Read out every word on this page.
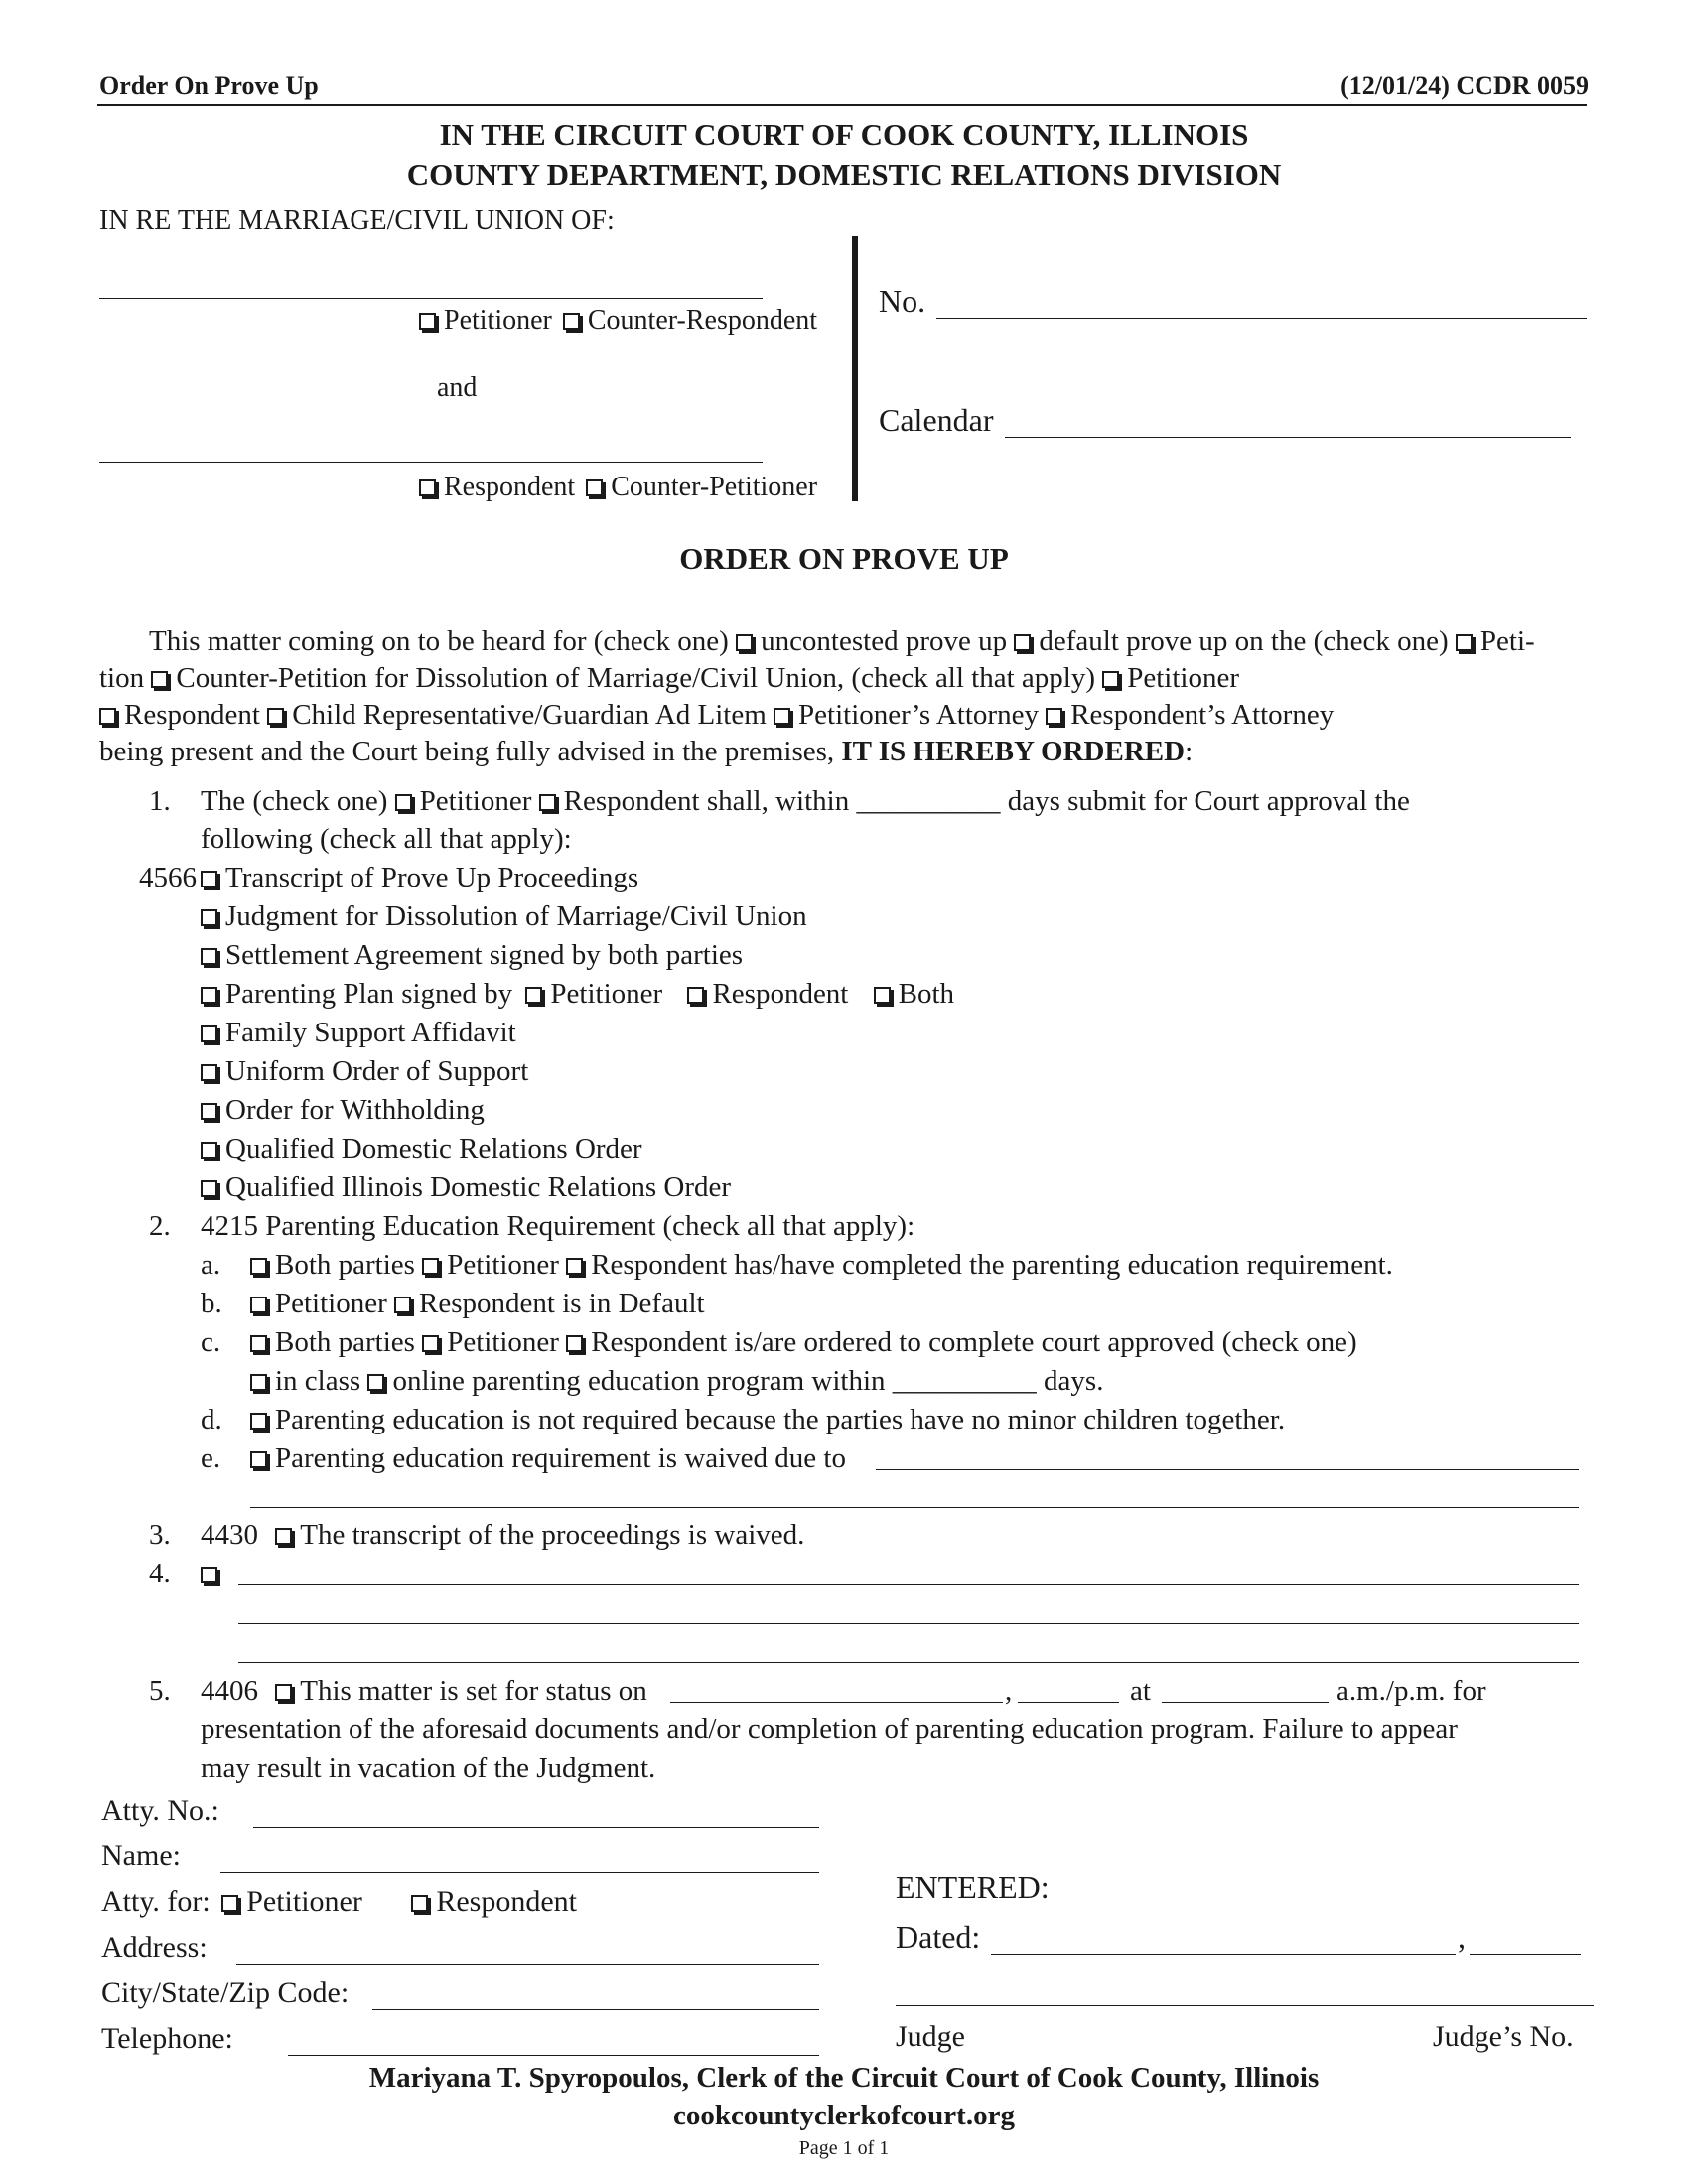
Order On Prove Up	(12/01/24) CCDR 0059
IN THE CIRCUIT COURT OF COOK COUNTY, ILLINOIS
COUNTY DEPARTMENT, DOMESTIC RELATIONS DIVISION
IN RE THE MARRIAGE/CIVIL UNION OF:
Petitioner Counter-Respondent
and
Respondent Counter-Petitioner
No.
Calendar
ORDER ON PROVE UP
This matter coming on to be heard for (check one) uncontested prove up default prove up on the (check one) Peti-
tion Counter-Petition for Dissolution of Marriage/Civil Union, (check all that apply) Petitioner
Respondent Child Representative/Guardian Ad Litem Petitioner’s Attorney Respondent’s Attorney
being present and the Court being fully advised in the premises, IT IS HEREBY ORDERED:
1. The (check one) Petitioner Respondent shall, within __________ days submit for Court approval the
following (check all that apply):
4566	Transcript of Prove Up Proceedings
Judgment for Dissolution of Marriage/Civil Union
Settlement Agreement signed by both parties
Parenting Plan signed by Petitioner Respondent Both
Family Support Affidavit
Uniform Order of Support
Order for Withholding
Qualified Domestic Relations Order
Qualified Illinois Domestic Relations Order
2. 4215 Parenting Education Requirement (check all that apply):
a.	Both parties Petitioner Respondent has/have completed the parenting education requirement.
b.	Petitioner Respondent is in Default
c.	Both parties Petitioner Respondent is/are ordered to complete court approved (check one)
in class online parenting education program within __________ days.
d.	Parenting education is not required because the parties have no minor children together.
e.	Parenting education requirement is waived due to
3. 4430 The transcript of the proceedings is waived.
4.
5. 4406 This matter is set for status on	,	at	a.m./p.m. for
presentation of the aforesaid documents and/or completion of parenting education program. Failure to appear
may result in vacation of the Judgment.
Atty. No.:
Name:
Atty. for: Petitioner Respondent
Address:
City/State/Zip Code:
Telephone:
ENTERED:
Dated:	,
Judge	Judge’s No.
Mariyana T. Spyropoulos, Clerk of the Circuit Court of Cook County, Illinois
cookcountyclerkofcourt.org
Page 1 of 1
